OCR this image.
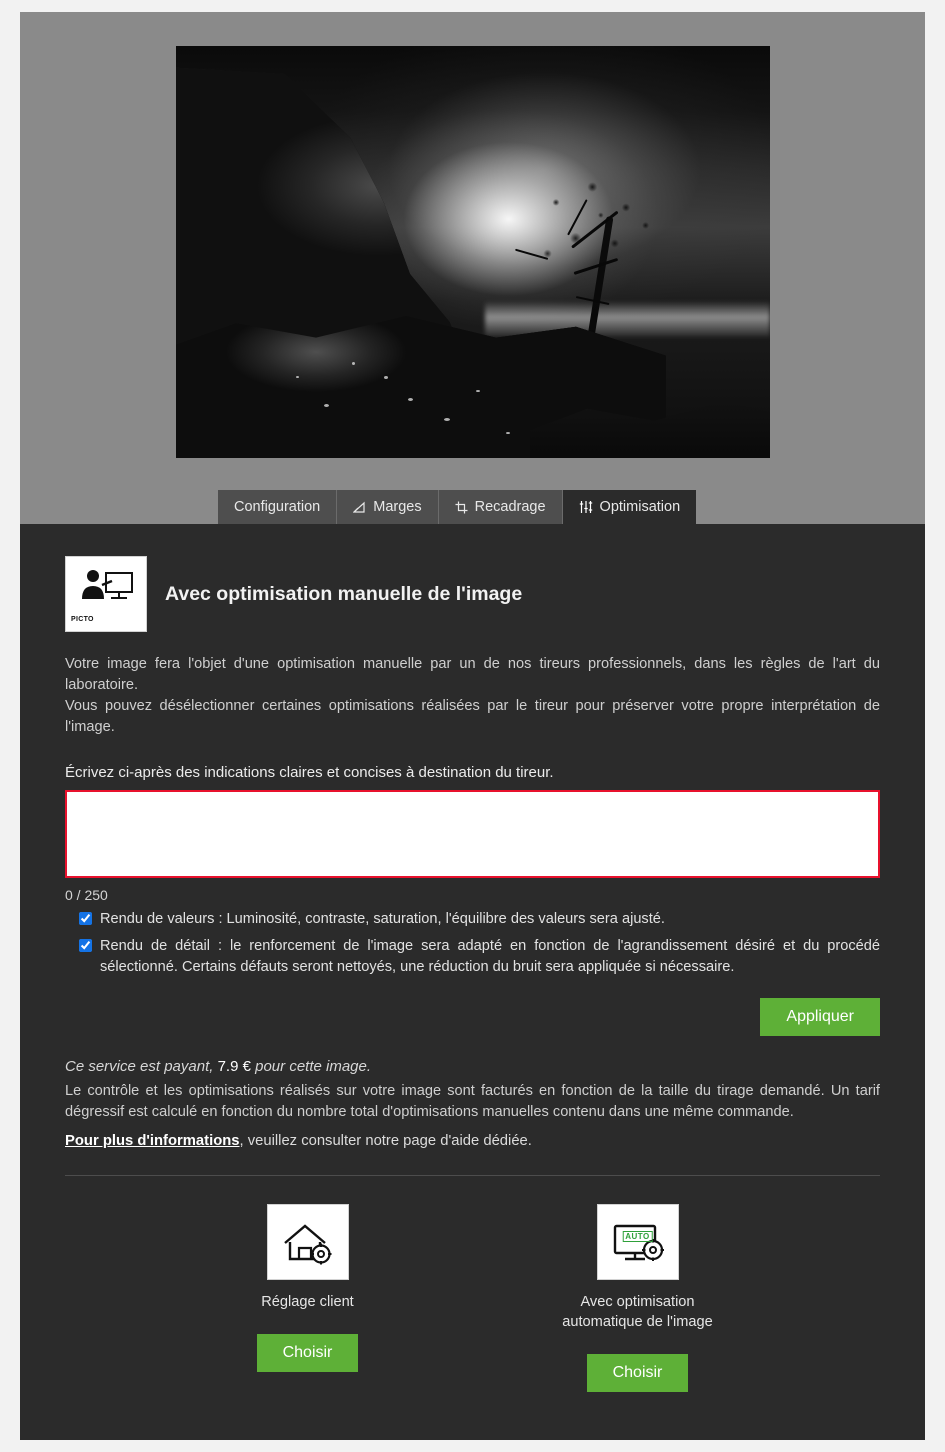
Configuration	Marges	Recadrage	Optimisation
PICTO
Avec optimisation manuelle de l'image
Votre image fera l'objet d'une optimisation manuelle par un de nos tireurs professionnels, dans les règles de l'art du laboratoire.
Vous pouvez désélectionner certaines optimisations réalisées par le tireur pour préserver votre propre interprétation de l'image.
Écrivez ci-après des indications claires et concises à destination du tireur.
0 / 250
Rendu de valeurs : Luminosité, contraste, saturation, l'équilibre des valeurs sera ajusté.
Rendu de détail : le renforcement de l'image sera adapté en fonction de l'agrandissement désiré et du procédé sélectionné. Certains défauts seront nettoyés, une réduction du bruit sera appliquée si nécessaire.
Appliquer
Ce service est payant, 7.9 € pour cette image.
Le contrôle et les optimisations réalisés sur votre image sont facturés en fonction de la taille du tirage demandé. Un tarif dégressif est calculé en fonction du nombre total d'optimisations manuelles contenu dans une même commande.
Pour plus d'informations, veuillez consulter notre page d'aide dédiée.
Réglage client
Choisir
AUTO
Avec optimisation
automatique de l'image
Choisir
